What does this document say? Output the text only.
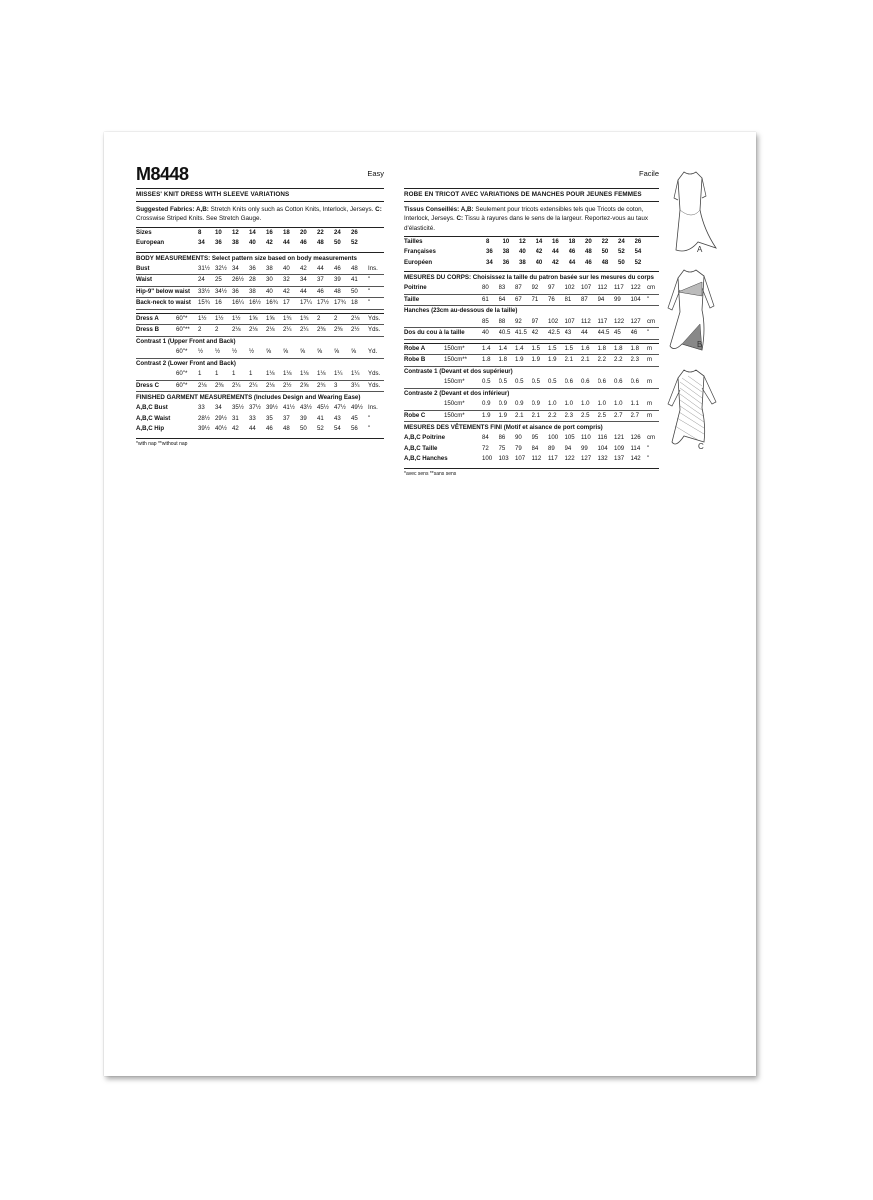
M8448	Easy
MISSES' KNIT DRESS WITH SLEEVE VARIATIONS
Suggested Fabrics: A,B: Stretch Knits only such as Cotton Knits, Interlock, Jerseys. C: Crosswise Striped Knits. See Stretch Gauge.
Sizes		8	10	12	14	16	18	20	22	24	26	
European		34	36	38	40	42	44	46	48	50	52	
BODY MEASUREMENTS: Select pattern size based on body measurements
Bust		31½	32½	34	36	38	40	42	44	46	48	Ins.
Waist		24	25	26½	28	30	32	34	37	39	41	"
Hip-9" below waist		33½	34½	36	38	40	42	44	46	48	50	"
Back-neck to waist		15¾	16	16¼	16½	16¾	17	17¼	17½	17¾	18	"
Dress A	60"*	1½	1½	1½	1⅝	1⅝	1¾	1¾	2	2	2⅛	Yds.
Dress B	60"**	2	2	2⅛	2⅛	2⅛	2¼	2¼	2⅜	2⅜	2½	Yds.
Contrast 1 (Upper Front and Back)												
	60"*	½	½	½	½	⅝	⅝	⅝	⅝	⅝	⅝	Yd.
Contrast 2 (Lower Front and Back)												
	60"*	1	1	1	1	1⅛	1⅛	1⅛	1⅛	1¼	1¼	Yds.
Dress C	60"*	2⅛	2⅜	2¼	2¼	2⅛	2½	2⅝	2¾	3	3¼	Yds.
FINISHED GARMENT MEASUREMENTS (Includes Design and Wearing Ease)
A,B,C Bust		33	34	35½	37½	39½	41½	43½	45½	47½	49½	Ins.
A,B,C Waist		28½	29½	31	33	35	37	39	41	43	45	"
A,B,C Hip		39½	40½	42	44	46	48	50	52	54	56	"
*with nap **without nap
Facile
ROBE EN TRICOT AVEC VARIATIONS DE MANCHES POUR JEUNES FEMMES
Tissus Conseillés: A,B: Seulement pour tricots extensibles tels que Tricots de coton, Interlock, Jerseys. C: Tissu à rayures dans le sens de la largeur. Reportez-vous au taux d'élasticité.
Tailles		8	10	12	14	16	18	20	22	24	26	
Françaises		36	38	40	42	44	46	48	50	52	54	
Européen		34	36	38	40	42	44	46	48	50	52	
MESURES DU CORPS: Choisissez la taille du patron basée sur les mesures du corps
Poitrine		80	83	87	92	97	102	107	112	117	122	cm
Taille		61	64	67	71	76	81	87	94	99	104	"
Hanches (23cm au-dessous de la taille)											
		85	88	92	97	102	107	112	117	122	127	cm
Dos du cou à la taille		40	40.5	41.5	42	42.5	43	44	44.5	45	46	"
Robe A	150cm*	1.4	1.4	1.4	1.5	1.5	1.5	1.6	1.8	1.8	1.8	m
Robe B	150cm**	1.8	1.8	1.9	1.9	1.9	2.1	2.1	2.2	2.2	2.3	m
Contraste 1 (Devant et dos supérieur)												
	150cm*	0.5	0.5	0.5	0.5	0.5	0.6	0.6	0.6	0.6	0.6	m
Contraste 2 (Devant et dos inférieur)												
	150cm*	0.9	0.9	0.9	0.9	1.0	1.0	1.0	1.0	1.0	1.1	m
Robe C	150cm*	1.9	1.9	2.1	2.1	2.2	2.3	2.5	2.5	2.7	2.7	m
MESURES DES VÊTEMENTS FINI (Motif et aisance de port compris)
A,B,C Poitrine		84	86	90	95	100	105	110	116	121	126	cm
A,B,C Taille		72	75	79	84	89	94	99	104	109	114	"
A,B,C Hanches		100	103	107	112	117	122	127	132	137	142	"
*avec sens **sans sens
A
B
C
